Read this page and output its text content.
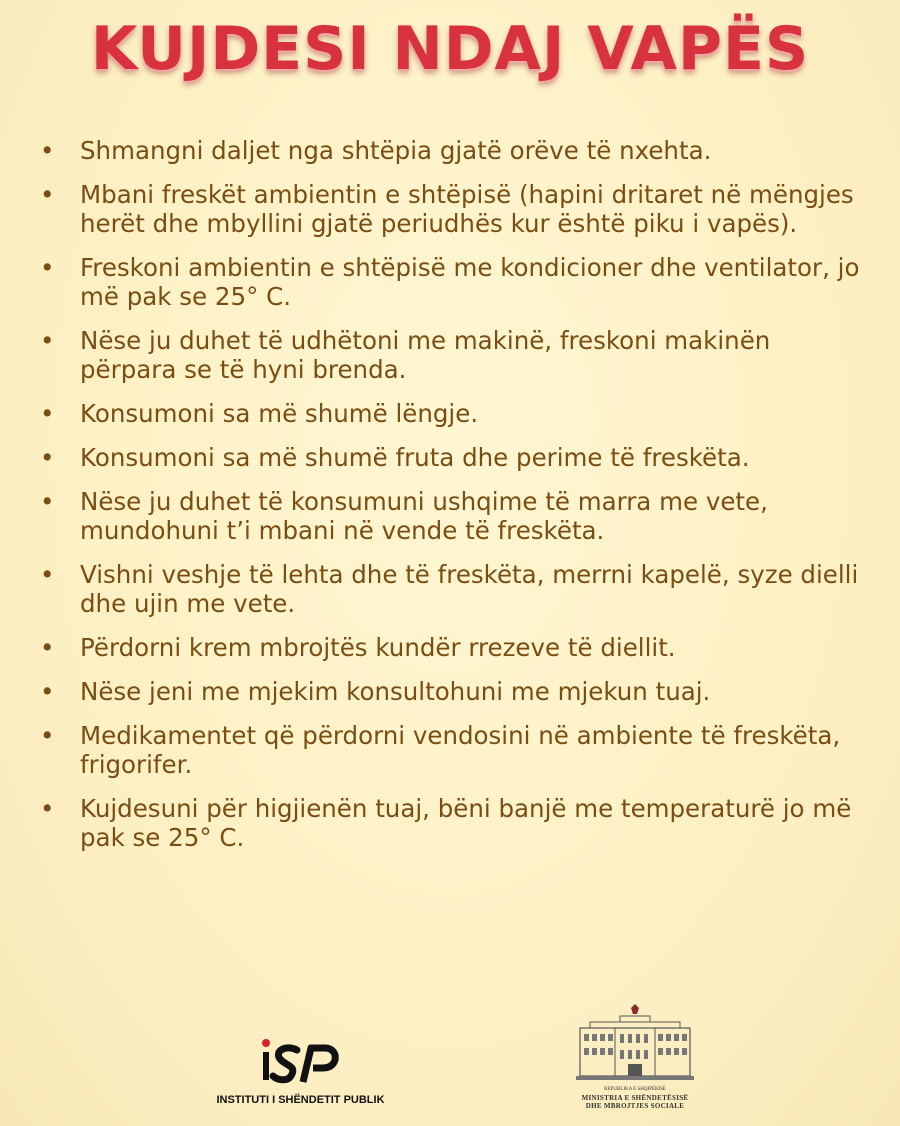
KUJDESI NDAJ VAPËS
• Shmangni daljet nga shtëpia gjatë orëve të nxehta.
• Mbani freskët ambientin e shtëpisë (hapini dritaret në mëngjes herët dhe mbyllini gjatë periudhës kur është piku i vapës).
• Freskoni ambientin e shtëpisë me kondicioner dhe ventilator, jo më pak se 25° C.
• Nëse ju duhet të udhëtoni me makinë, freskoni makinën përpara se të hyni brenda.
• Konsumoni sa më shumë lëngje.
• Konsumoni sa më shumë fruta dhe perime të freskëta.
• Nëse ju duhet të konsumuni ushqime të marra me vete, mundohuni t’i mbani në vende të freskëta.
• Vishni veshje të lehta dhe të freskëta, merrni kapelë, syze dielli dhe ujin me vete.
• Përdorni krem mbrojtës kundër rrezeve të diellit.
• Nëse jeni me mjekim konsultohuni me mjekun tuaj.
• Medikamentet që përdorni vendosini në ambiente të freskëta, frigorifer.
• Kujdesuni për higjienën tuaj, bëni banjë me temperaturë jo më pak se 25° C.
INSTITUTI I SHËNDETIT PUBLIK
REPUBLIKA E SHQIPËRISË
MINISTRIA E SHËNDETËSISË
DHE MBROJTJES SOCIALE
